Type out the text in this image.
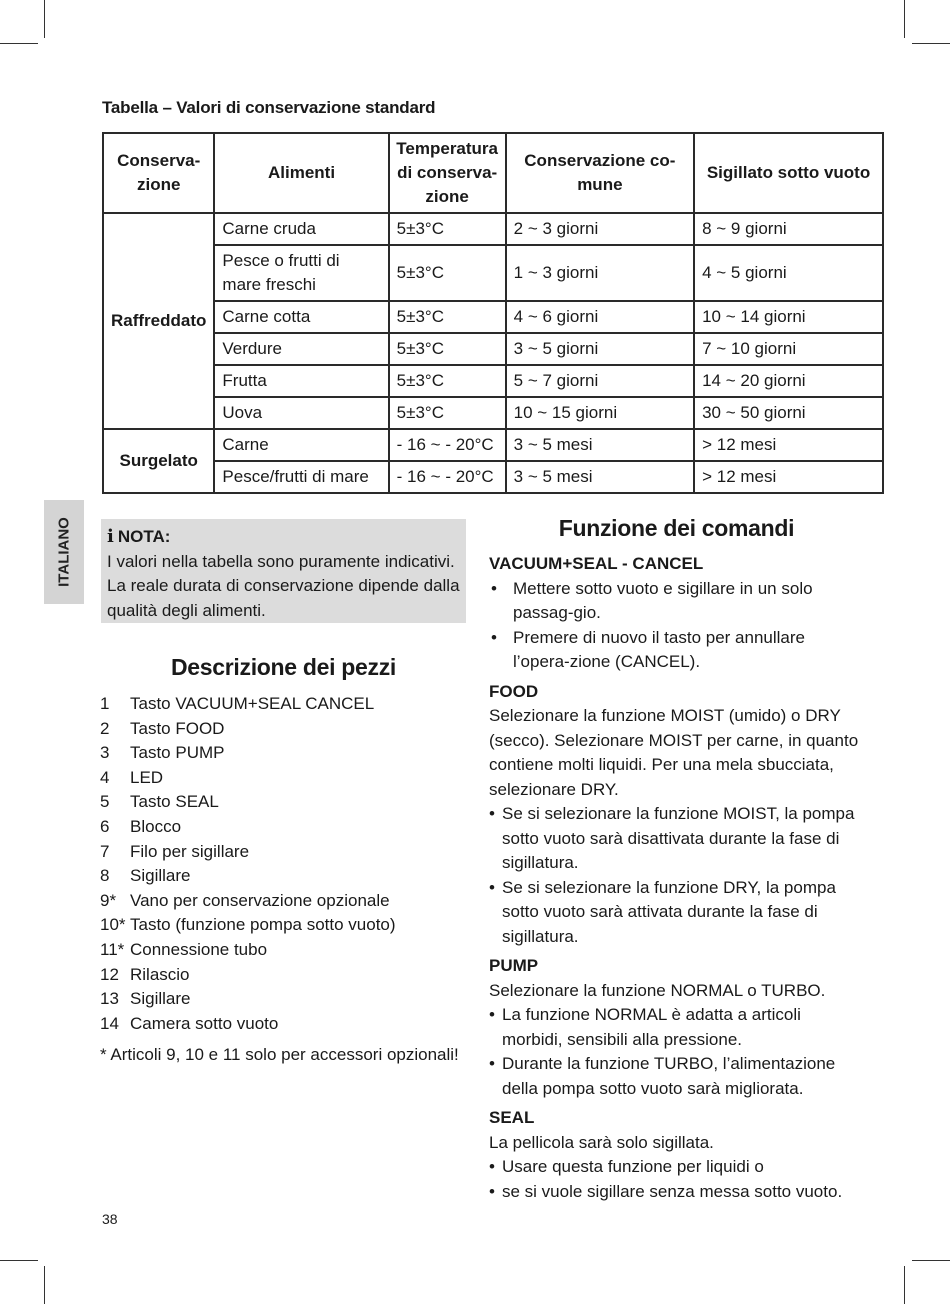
Tabella – Valori di conservazione standard
Conserva-zione	Alimenti	Temperatura di conserva-zione	Conservazione co-mune	Sigillato sotto vuoto
Raffreddato	Carne cruda	5±3°C	2 ~ 3 giorni	8 ~ 9 giorni
	Pesce o frutti di mare freschi	5±3°C	1 ~ 3 giorni	4 ~ 5 giorni
	Carne cotta	5±3°C	4 ~ 6 giorni	10 ~ 14 giorni
	Verdure	5±3°C	3 ~ 5 giorni	7 ~ 10 giorni
	Frutta	5±3°C	5 ~ 7 giorni	14 ~ 20 giorni
	Uova	5±3°C	10 ~ 15 giorni	30 ~ 50 giorni
Surgelato	Carne	- 16 ~ - 20°C	3 ~ 5 mesi	> 12 mesi
	Pesce/frutti di mare	- 16 ~ - 20°C	3 ~ 5 mesi	> 12 mesi
ITALIANO i NOTA:
I valori nella tabella sono puramente indicativi.
La reale durata di conservazione dipende dalla
qualità degli alimenti.
Descrizione dei pezzi
1	Tasto VACUUM+SEAL CANCEL
2	Tasto FOOD
3	Tasto PUMP
4	LED
5	Tasto SEAL
6	Blocco
7	Filo per sigillare
8	Sigillare
9* Vano per conservazione opzionale
10* Tasto (funzione pompa sotto vuoto)
11* Connessione tubo
12 Rilascio
13 Sigillare
14 Camera sotto vuoto
* Articoli 9, 10 e 11 solo per accessori opzionali!
Funzione dei comandi
VACUUM+SEAL - CANCEL
• Mettere sotto vuoto e sigillare in un solo passag-gio.
• Premere di nuovo il tasto per annullare l’opera-zione (CANCEL).
FOOD
Selezionare la funzione MOIST (umido) o DRY (secco). Selezionare MOIST per carne, in quanto contiene molti liquidi. Per una mela sbucciata, selezionare DRY.
• Se si selezionare la funzione MOIST, la pompa sotto vuoto sarà disattivata durante la fase di sigillatura.
• Se si selezionare la funzione DRY, la pompa sotto vuoto sarà attivata durante la fase di sigillatura.
PUMP
Selezionare la funzione NORMAL o TURBO.
• La funzione NORMAL è adatta a articoli morbidi, sensibili alla pressione.
• Durante la funzione TURBO, l’alimentazione della pompa sotto vuoto sarà migliorata.
SEAL
La pellicola sarà solo sigillata.
• Usare questa funzione per liquidi o
• se si vuole sigillare senza messa sotto vuoto.
38
